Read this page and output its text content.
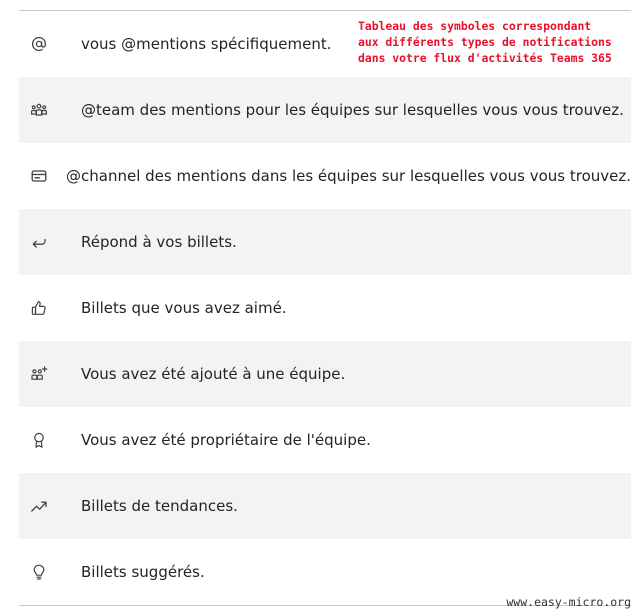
vous @mentions spécifiquement.
@team des mentions pour les équipes sur lesquelles vous vous trouvez.
@channel des mentions dans les équipes sur lesquelles vous vous trouvez.
Répond à vos billets.
Billets que vous avez aimé.
Vous avez été ajouté à une équipe.
Vous avez été propriétaire de l'équipe.
Billets de tendances.
Billets suggérés.
Tableau des symboles correspondant
aux différents types de notifications
dans votre flux d'activités Teams 365
www.easy-micro.org
